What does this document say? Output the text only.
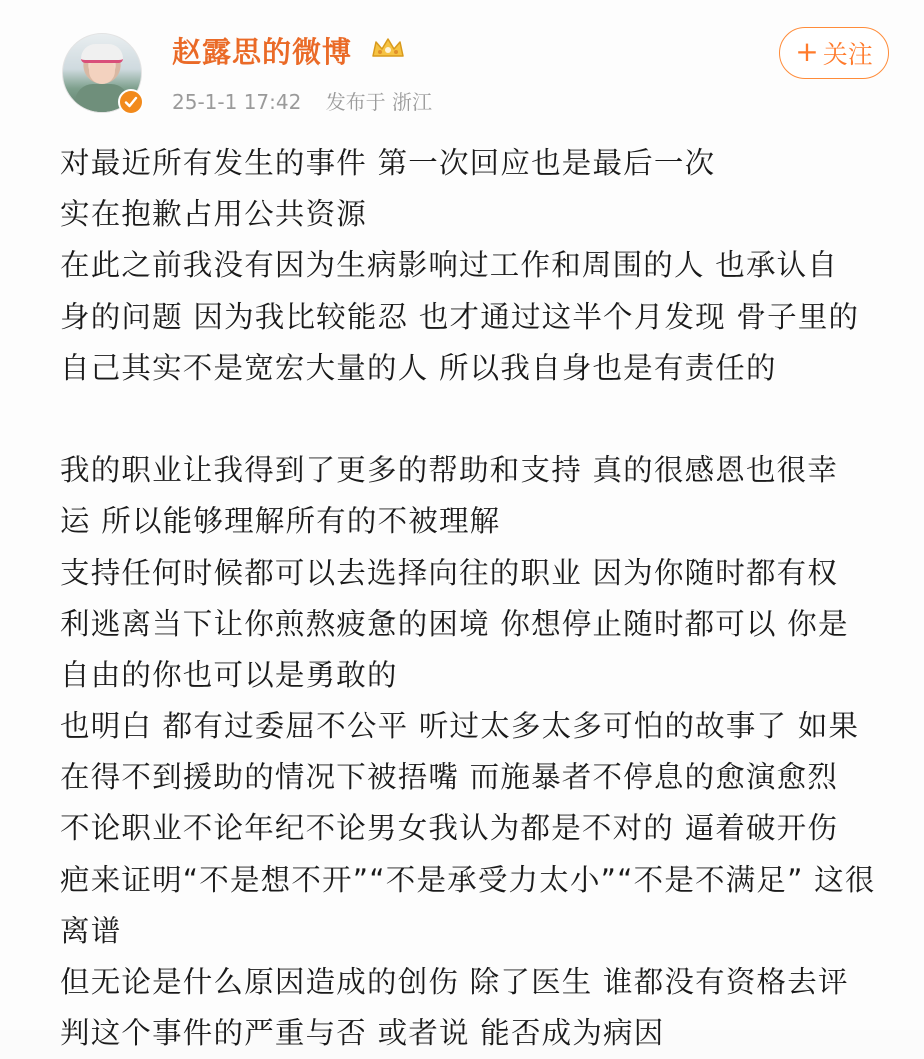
赵露思的微博
25-1-1 17:42 发布于 浙江
+ 关注
对最近所有发生的事件 第一次回应也是最后一次
实在抱歉占用公共资源
在此之前我没有因为生病影响过工作和周围的人 也承认自
身的问题 因为我比较能忍 也才通过这半个月发现 骨子里的
自己其实不是宽宏大量的人 所以我自身也是有责任的
我的职业让我得到了更多的帮助和支持 真的很感恩也很幸
运 所以能够理解所有的不被理解
支持任何时候都可以去选择向往的职业 因为你随时都有权
利逃离当下让你煎熬疲惫的困境 你想停止随时都可以 你是
自由的你也可以是勇敢的
也明白 都有过委屈不公平 听过太多太多可怕的故事了 如果
在得不到援助的情况下被捂嘴 而施暴者不停息的愈演愈烈
不论职业不论年纪不论男女我认为都是不对的 逼着破开伤
疤来证明“不是想不开”“不是承受力太小”“不是不满足” 这很
离谱
但无论是什么原因造成的创伤 除了医生 谁都没有资格去评
判这个事件的严重与否 或者说 能否成为病因
